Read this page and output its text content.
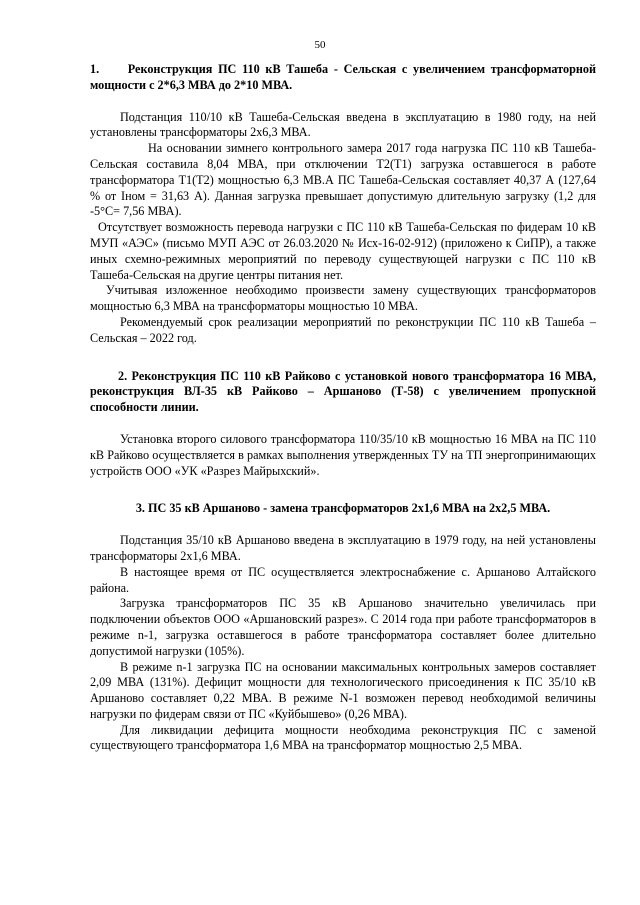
50

1.     Реконструкция ПС 110 кВ Ташеба - Сельская с увеличением трансформаторной мощности с 2*6,3 МВА до 2*10 МВА.

Подстанция 110/10 кВ Ташеба-Сельская введена в эксплуатацию в 1980 году, на ней установлены трансформаторы 2х6,3 МВА.

На основании зимнего контрольного замера 2017 года нагрузка ПС 110 кВ Ташеба-Сельская составила 8,04 МВА, при отключении Т2(Т1) загрузка оставшегося в работе трансформатора Т1(Т2) мощностью 6,3 МВ.А ПС Ташеба-Сельская составляет 40,37 А (127,64 % от Iном = 31,63 А). Данная загрузка превышает допустимую длительную загрузку (1,2 для -5°С= 7,56 МВА).

Отсутствует возможность перевода нагрузки с ПС 110 кВ Ташеба-Сельская по фидерам 10 кВ МУП «АЭС» (письмо МУП АЭС от 26.03.2020 № Исх-16-02-912) (приложено к СиПР), а также иных схемно-режимных мероприятий по переводу существующей нагрузки с ПС 110 кВ Ташеба-Сельская на другие центры питания нет.

Учитывая изложенное необходимо произвести замену существующих трансформаторов мощностью 6,3 МВА на трансформаторы мощностью 10 МВА.

Рекомендуемый срок реализации мероприятий по реконструкции ПС 110 кВ Ташеба – Сельская – 2022 год.

2. Реконструкция ПС 110 кВ Райково с установкой нового трансформатора 16 МВА, реконструкция ВЛ-35 кВ Райково – Аршаново (Т-58) с увеличением пропускной способности линии.

Установка второго силового трансформатора 110/35/10 кВ мощностью 16 МВА на ПС 110 кВ Райково осуществляется в рамках выполнения утвержденных ТУ на ТП энергопринимающих устройств ООО «УК «Разрез Майрыхский».

3. ПС 35 кВ Аршаново - замена трансформаторов 2х1,6 МВА на 2х2,5 МВА.

Подстанция 35/10 кВ Аршаново введена в эксплуатацию в 1979 году, на ней установлены трансформаторы 2х1,6 МВА.

В настоящее время от ПС осуществляется электроснабжение с. Аршаново Алтайского района.

Загрузка трансформаторов ПС 35 кВ Аршаново значительно увеличилась при подключении объектов ООО «Аршановский разрез». С 2014 года при работе трансформаторов в режиме n-1, загрузка оставшегося в работе трансформатора составляет более длительно допустимой нагрузки (105%).

В режиме n-1 загрузка ПС на основании максимальных контрольных замеров составляет 2,09 МВА (131%). Дефицит мощности для технологического присоединения к ПС 35/10 кВ Аршаново составляет 0,22 МВА. В режиме N-1 возможен перевод необходимой величины нагрузки по фидерам связи от ПС «Куйбышево» (0,26 МВА).

Для ликвидации дефицита мощности необходима реконструкция ПС с заменой существующего трансформатора 1,6 МВА на трансформатор мощностью 2,5 МВА.
